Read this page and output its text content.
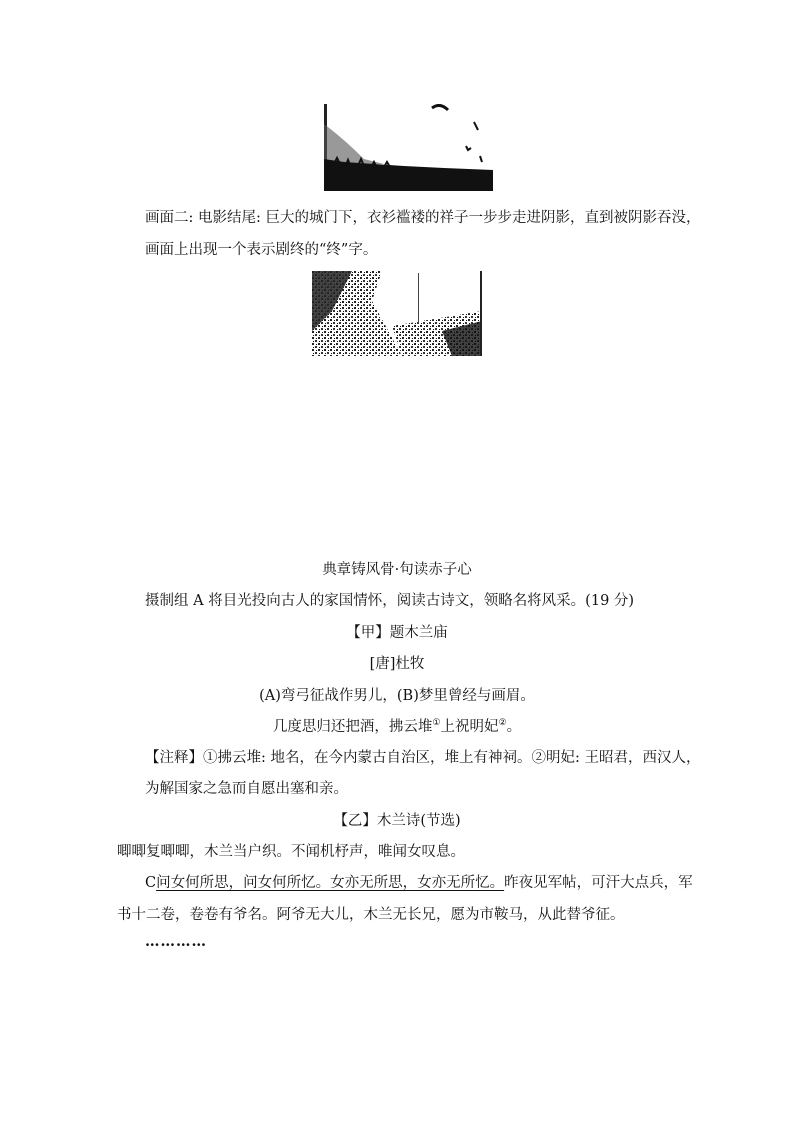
画面二: 电影结尾: 巨大的城门下，衣衫褴褛的祥子一步步走进阴影，直到被阴影吞没，
画面上出现一个表示剧终的“终”字。
典章铸风骨·句读赤子心
摄制组 A 将目光投向古人的家国情怀，阅读古诗文，领略名将风采。(19 分)
【甲】题木兰庙
[唐]杜牧
(A)弯弓征战作男儿，(B)梦里曾经与画眉。
几度思归还把酒，拂云堆①上祝明妃②。
【注释】①拂云堆: 地名，在今内蒙古自治区，堆上有神祠。②明妃: 王昭君，西汉人，
为解国家之急而自愿出塞和亲。
【乙】木兰诗(节选)
唧唧复唧唧，木兰当户织。不闻机杼声，唯闻女叹息。
C问女何所思，问女何所忆。女亦无所思，女亦无所忆。昨夜见军帖，可汗大点兵，军
书十二卷，卷卷有爷名。阿爷无大儿，木兰无长兄，愿为市鞍马，从此替爷征。
…………
